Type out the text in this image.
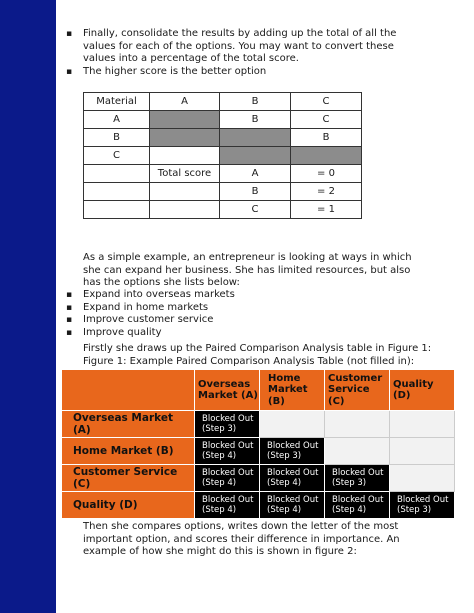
▪ Finally, consolidate the results by adding up the total of all the values for each of the options. You may want to convert these values into a percentage of the total score.
▪ The higher score is the better option
Material	A	B	C
A		B	C
B			B
C			
	Total score	A	= 0
		B	= 2
		C	= 1
As a simple example, an entrepreneur is looking at ways in which she can expand her business. She has limited resources, but also has the options she lists below:
▪ Expand into overseas markets
▪ Expand in home markets
▪ Improve customer service
▪ Improve quality
Firstly she draws up the Paired Comparison Analysis table in Figure 1:
Figure 1: Example Paired Comparison Analysis Table (not filled in):
	Overseas Market (A)	Home Market (B)	Customer Service (C)	Quality (D)
Overseas Market (A)	Blocked Out (Step 3)			
Home Market (B)	Blocked Out (Step 4)	Blocked Out (Step 3)		
Customer Service (C)	Blocked Out (Step 4)	Blocked Out (Step 4)	Blocked Out (Step 3)	
Quality (D)	Blocked Out (Step 4)	Blocked Out (Step 4)	Blocked Out (Step 4)	Blocked Out (Step 3)
Then she compares options, writes down the letter of the most important option, and scores their difference in importance. An example of how she might do this is shown in figure 2:
